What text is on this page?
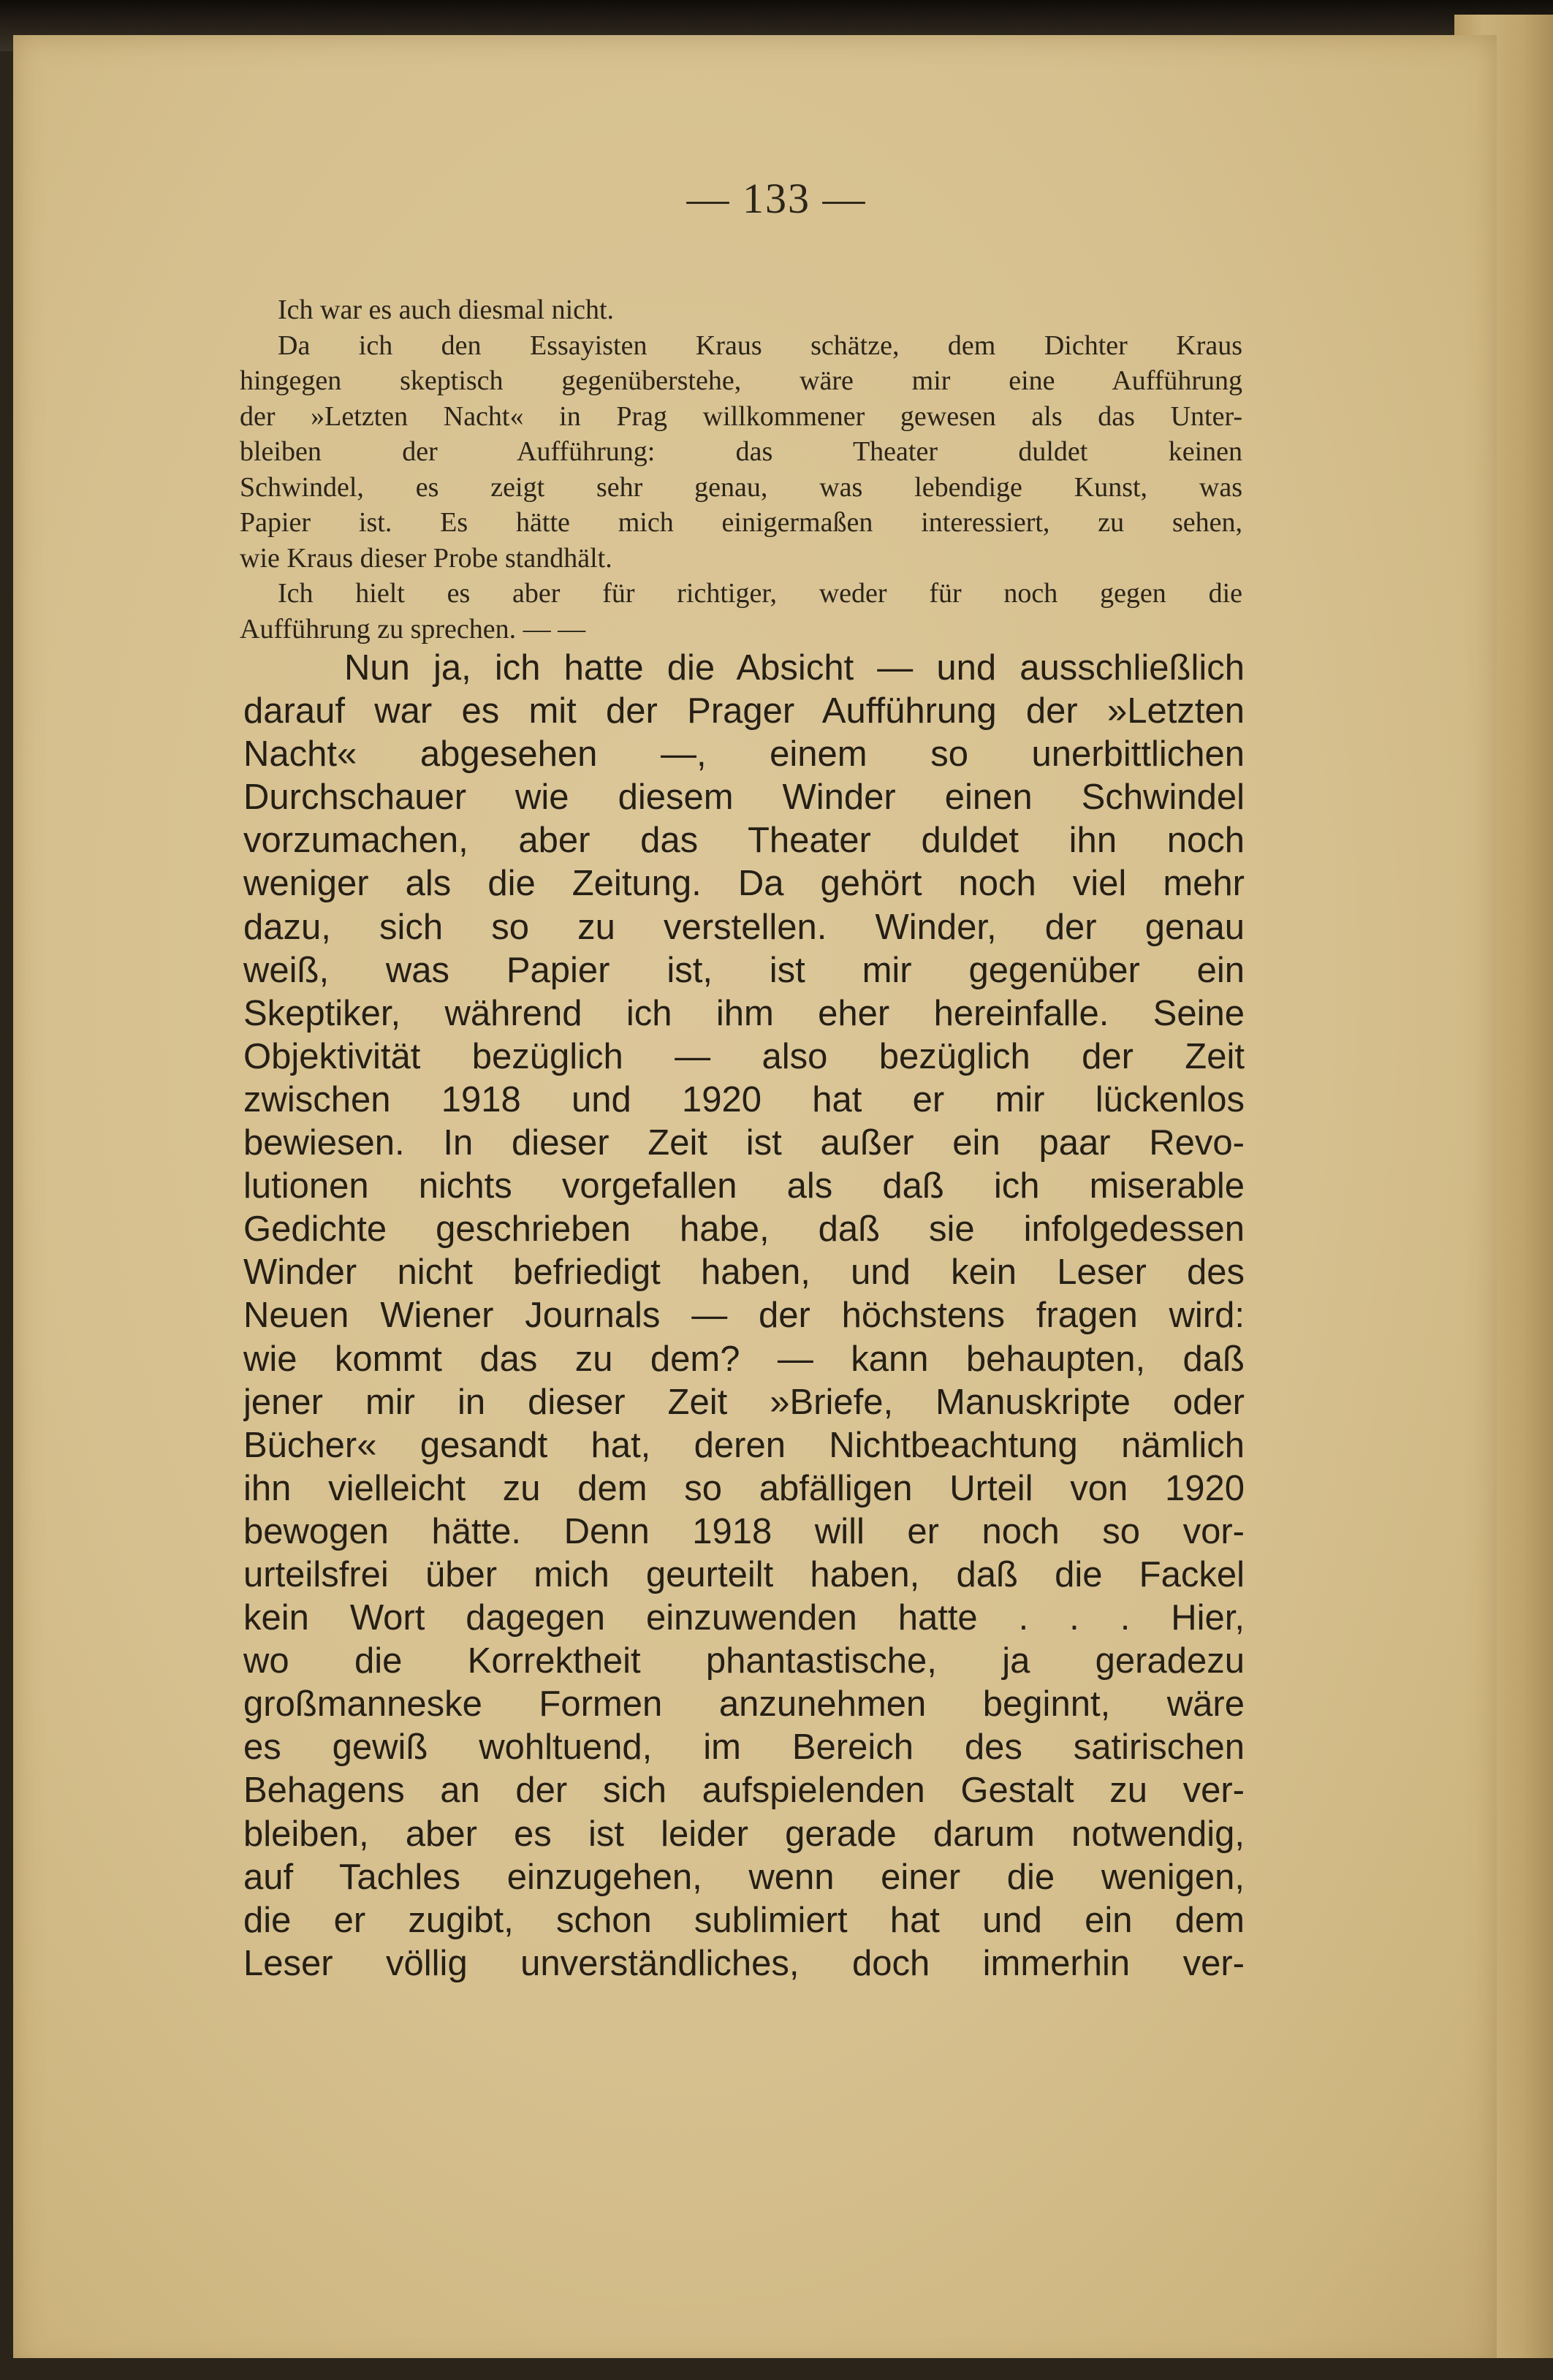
— 133 —
Ich war es auch diesmal nicht.
Da ich den Essayisten Kraus schätze, dem Dichter Kraus
hingegen skeptisch gegenüberstehe, wäre mir eine Aufführung
der »Letzten Nacht« in Prag willkommener gewesen als das Unter-
bleiben der Aufführung: das Theater duldet keinen
Schwindel, es zeigt sehr genau, was lebendige Kunst, was
Papier ist. Es hätte mich einigermaßen interessiert, zu sehen,
wie Kraus dieser Probe standhält.
Ich hielt es aber für richtiger, weder für noch gegen die
Aufführung zu sprechen. — —
Nun ja, ich hatte die Absicht — und ausschließlich
darauf war es mit der Prager Aufführung der »Letzten
Nacht« abgesehen —, einem so unerbittlichen
Durchschauer wie diesem Winder einen Schwindel
vorzumachen, aber das Theater duldet ihn noch
weniger als die Zeitung. Da gehört noch viel mehr
dazu, sich so zu verstellen. Winder, der genau
weiß, was Papier ist, ist mir gegenüber ein
Skeptiker, während ich ihm eher hereinfalle. Seine
Objektivität bezüglich — also bezüglich der Zeit
zwischen 1918 und 1920 hat er mir lückenlos
bewiesen. In dieser Zeit ist außer ein paar Revo-
lutionen nichts vorgefallen als daß ich miserable
Gedichte geschrieben habe, daß sie infolgedessen
Winder nicht befriedigt haben, und kein Leser des
Neuen Wiener Journals — der höchstens fragen wird:
wie kommt das zu dem? — kann behaupten, daß
jener mir in dieser Zeit »Briefe, Manuskripte oder
Bücher« gesandt hat, deren Nichtbeachtung nämlich
ihn vielleicht zu dem so abfälligen Urteil von 1920
bewogen hätte. Denn 1918 will er noch so vor-
urteilsfrei über mich geurteilt haben, daß die Fackel
kein Wort dagegen einzuwenden hatte . . . Hier,
wo die Korrektheit phantastische, ja geradezu
großmanneske Formen anzunehmen beginnt, wäre
es gewiß wohltuend, im Bereich des satirischen
Behagens an der sich aufspielenden Gestalt zu ver-
bleiben, aber es ist leider gerade darum notwendig,
auf Tachles einzugehen, wenn einer die wenigen,
die er zugibt, schon sublimiert hat und ein dem
Leser völlig unverständliches, doch immerhin ver-
